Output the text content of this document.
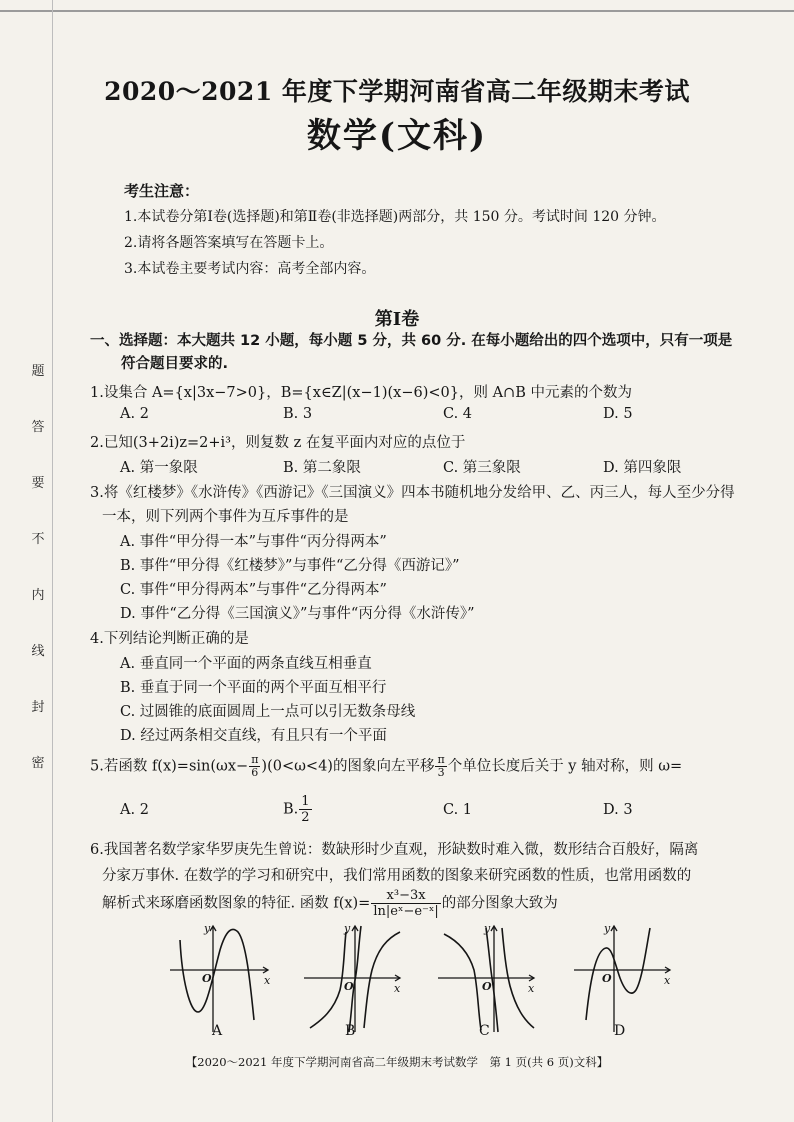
题
答
要
不
内
线
封
密
2020～2021 年度下学期河南省高二年级期末考试
数学(文科)
考生注意：
1.本试卷分第Ⅰ卷(选择题)和第Ⅱ卷(非选择题)两部分，共 150 分。考试时间 120 分钟。
2.请将各题答案填写在答题卡上。
3.本试卷主要考试内容：高考全部内容。
第Ⅰ卷
一、选择题：本大题共 12 小题，每小题 5 分，共 60 分. 在每小题给出的四个选项中，只有一项是
符合题目要求的.
1.设集合 A={x|3x−7>0}，B={x∈Z|(x−1)(x−6)<0}，则 A∩B 中元素的个数为
A. 2	B. 3	C. 4	D. 5
2.已知(3+2i)z=2+i³，则复数 z 在复平面内对应的点位于
A. 第一象限	B. 第二象限	C. 第三象限	D. 第四象限
3.将《红楼梦》《水浒传》《西游记》《三国演义》四本书随机地分发给甲、乙、丙三人，每人至少分得
一本，则下列两个事件为互斥事件的是
A. 事件“甲分得一本”与事件“丙分得两本”
B. 事件“甲分得《红楼梦》”与事件“乙分得《西游记》”
C. 事件“甲分得两本”与事件“乙分得两本”
D. 事件“乙分得《三国演义》”与事件“丙分得《水浒传》”
4.下列结论判断正确的是
A. 垂直同一个平面的两条直线互相垂直
B. 垂直于同一个平面的两个平面互相平行
C. 过圆锥的底面圆周上一点可以引无数条母线
D. 经过两条相交直线，有且只有一个平面
5.若函数 $f(x)=\sin(\omega x- \frac{\pi}{6} )(0<\omega<4)$的图象向左平移 $\frac{\pi}{3}$ 个单位长度后关于 y 轴对称，则 ω=
A. 2	B. $\frac{1}{2}$	C. 1	D. 3
6.我国著名数学家华罗庚先生曾说：数缺形时少直观，形缺数时难入微，数形结合百般好，隔离
分家万事休. 在数学的学习和研究中，我们常用函数的图象来研究函数的性质，也常用函数的
解析式来琢磨函数图象的特征. 函数 $f(x)= \frac{\text{x³−3x}}{\text{ln|eˣ−e⁻ˣ|}}$ 的部分图象大致为
y
x
O
A
y
x
O
B
y
x
O
C
y
x
O
D
【2020～2021 年度下学期河南省高二年级期末考试数学　第 1 页(共 6 页)文科】
